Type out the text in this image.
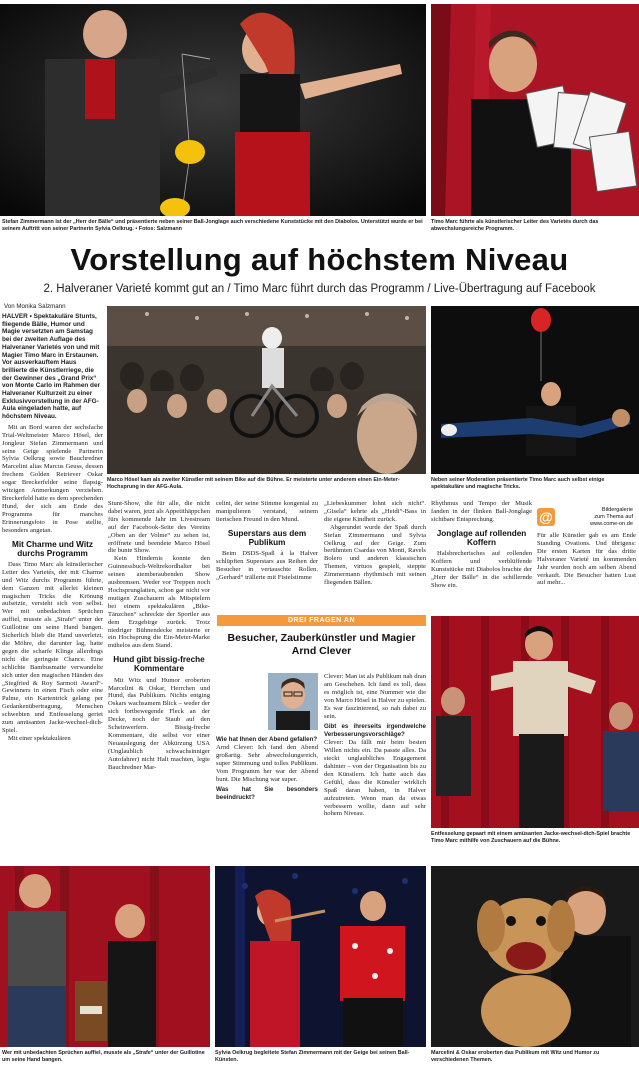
Stefan Zimmermann ist der „Herr der Bälle“ und präsentierte neben seiner Ball-Jonglage auch verschiedene Kunststücke mit den Diabolos. Unterstützt wurde er bei seinem Auftritt von seiner Partnerin Sylvia Oelkrug. • Fotos: Salzmann
Timo Marc führte als künstlerischer Leiter des Varietés durch das abwechslungsreiche Programm.
Vorstellung auf höchstem Niveau
2. Halveraner Varieté kommt gut an / Timo Marc führt durch das Programm / Live-Übertragung auf Facebook
Von Monika Salzmann
Marco Hösel kam als zweiter Künstler mit seinem Bike auf die Bühne. Er meisterte unter anderem einen Ein-Meter-Hochsprung in der AFG-Aula.
Neben seiner Moderation präsentierte Timo Marc auch selbst einige spektakuläre und magische Tricks.

HALVER • Spektakuläre Stunts, fliegende Bälle, Humor und Magie versetzten am Samstag bei der zweiten Auflage des Halveraner Varietés von und mit Magier Timo Marc in Erstaunen. Vor ausverkauftem Haus brillierte die Künstlerriege, die der Gewinner des „Grand Prix“ von Monte Carlo im Rahmen der Halveraner Kulturzeit zu einer Exklusivvorstellung in der AFG-Aula eingeladen hatte, auf höchstem Niveau.

Mit an Bord waren der sechsfache Trial-Weltmeister Marco Hösel, der Jongleur Stefan Zimmermann und seine Geige spielende Partnerin Sylvia Oelkrug sowie Bauchredner Marcelini alias Marcus Geuss, dessen frechem Golden Retriever Oskar sogar Breckerfelder seine flapsig-witzigen Anmerkungen verziehen. Breckerfeld hatte es dem sprechenden Hund, der sich am Ende des Programms für manches Erinnerungsfoto in Pose stellte, besonders angetan.

Mit Charme und Witz durchs Programm

Dass Timo Marc als künstlerischer Leiter des Varietés, der mit Charme und Witz durchs Programm führte, dem Ganzen mit allerlei kleinen magischen Tricks die Krönung aufsetzte, versteht sich von selbst. Wer mit unbedachten Sprüchen auffiel, musste als „Strafe“ unter der Guillotine um seine Hand bangen. Sicherlich blieb die Hand unverletzt, die Möhre, die darunter lag, hatte gegen die scharfe Klinge allerdings nicht die geringste Chance. Eine schlichte Bambusmatte verwandelte sich unter den magischen Händen des „Siegfried & Roy Sarmoti Award“-Gewinners in einen Fisch oder eine Palme, ein Kartentrick gelang per Gedankenübertragung, Menschen schwebten und Entfesselung geriet zum amüsanten Jacke-wechsel-dich-Spiel.

Mit einer spektakulären

Stunt-Show, die für alle, die nicht dabei waren, jetzt als Appetithäppchen fürs kommende Jahr im Livestream auf der Facebook-Seite des Vereins „Oben an der Volme“ zu sehen ist, eröffnete und beendete Marco Hösel die bunte Show.

Kein Hindernis konnte den Guinnessbuch-Weltrekordhalter bei seinen atemberaubenden Show ausbremsen. Weder vor Treppen noch Hochsprunglatten, schon gar nicht vor mutigen Zuschauern als Mitspielern bei einem spektakulären „Bike-Tänzchen“ schreckte der Sportler aus dem Erzgebirge zurück. Trotz niedriger Bühnendecke meisterte er ein Hochsprung die Ein-Meter-Marke mühelos aus dem Stand.

Hund gibt bissig-freche Kommentare

Mit Witz und Humor eroberten Marcelini & Oskar, Herrchen und Hund, das Publikum. Nichts entging Oskars wachsamem Blick – weder der sich fortbewegende Fleck an der Decke, noch der Staub auf den Scheinwerfern. Bissig-freche Kommentare, die selbst vor einer Neuauslegung der Abkürzung USA (Unglaublich schwachsinniger Autofahrer) nicht Halt machten, legte Bauchredner Mar-

celini, der seine Stimme kongenial zu manipulieren verstand, seinem tierischen Freund in den Mund.

Superstars aus dem Publikum

Beim DSDS-Spaß à la Halver schlüpften Superstars aus Reihen der Besucher in vertauschte Rollen. „Gerhard“ trällerte mit Fistelstimme

„Liebeskummer lohnt sich nicht“. „Gisela“ kehrte als „Heidi“-Bass in die eigene Kindheit zurück.

Abgerundet wurde der Spaß durch Stefan Zimmermann und Sylvia Oelkrug auf der Geige. Zum berühmten Csardas von Monti, Ravels Bolero und anderen klassischen Themen, virtuos gespielt, steppte Zimmermann rhythmisch mit seinen fliegenden Bällen.

Rhythmus und Tempo der Musik fanden in der flinken Ball-Jonglage sichtbare Entsprechung.

Jonglage auf rollenden Koffern

Halsbrecherisches auf rollenden Koffern und verblüffende Kunststücke mit Diabolos brachte der „Herr der Bälle“ in die schillernde Show ein.

@	Bildergalerie
zum Thema auf
www.come-on.de

Für alle Künstler gab es am Ende Standing Ovations. Und übrigens: Die ersten Karten für das dritte Halveraner Varieté im kommenden Jahr wurden noch am selben Abend verkauft. Die Besucher hatten Lust auf mehr...

DREI FRAGEN AN
Besucher, Zauberkünstler und Magier Arnd Clever

Wie hat Ihnen der Abend gefallen?

Arnd Clever: Ich fand den Abend großartig. Sehr abwechslungsreich, super Stimmung und tolles Publikum. Vom Programm her war der Abend bunt. Die Mischung war super.

Was hat Sie besonders beeindruckt?

Clever: Man ist als Publikum nah dran am Geschehen. Ich fand es toll, dass es möglich ist, eine Nummer wie die von Marco Hösel in Halver zu spielen. Es war faszinierend, so nah dabei zu sein.

Gibt es ihrerseits irgendwelche Verbesserungsvorschläge?

Clever: Da fällt mir beim besten Willen nichts ein. Da passte alles. Da steckt unglaubliches Engagement dahinter – von der Organisation bis zu den Künstlern. Ich hatte auch das Gefühl, dass die Künstler wirklich Spaß daran haben, in Halver aufzutreten. Wenn man da etwas verbessern wollte, dann auf sehr hohem Niveau.

Entfesselung gepaart mit einem amüsanten Jacke-wechsel-dich-Spiel brachte Timo Marc mithilfe von Zuschauern auf die Bühne.
Wer mit unbedachten Sprüchen auffiel, musste als „Strafe“ unter der Guillotine um seine Hand bangen.
Sylvia Oelkrug begleitete Stefan Zimmermann mit der Geige bei seinen Ball-Künsten.
Marcelini & Oskar eroberten das Publikum mit Witz und Humor zu verschiedenen Themen.
